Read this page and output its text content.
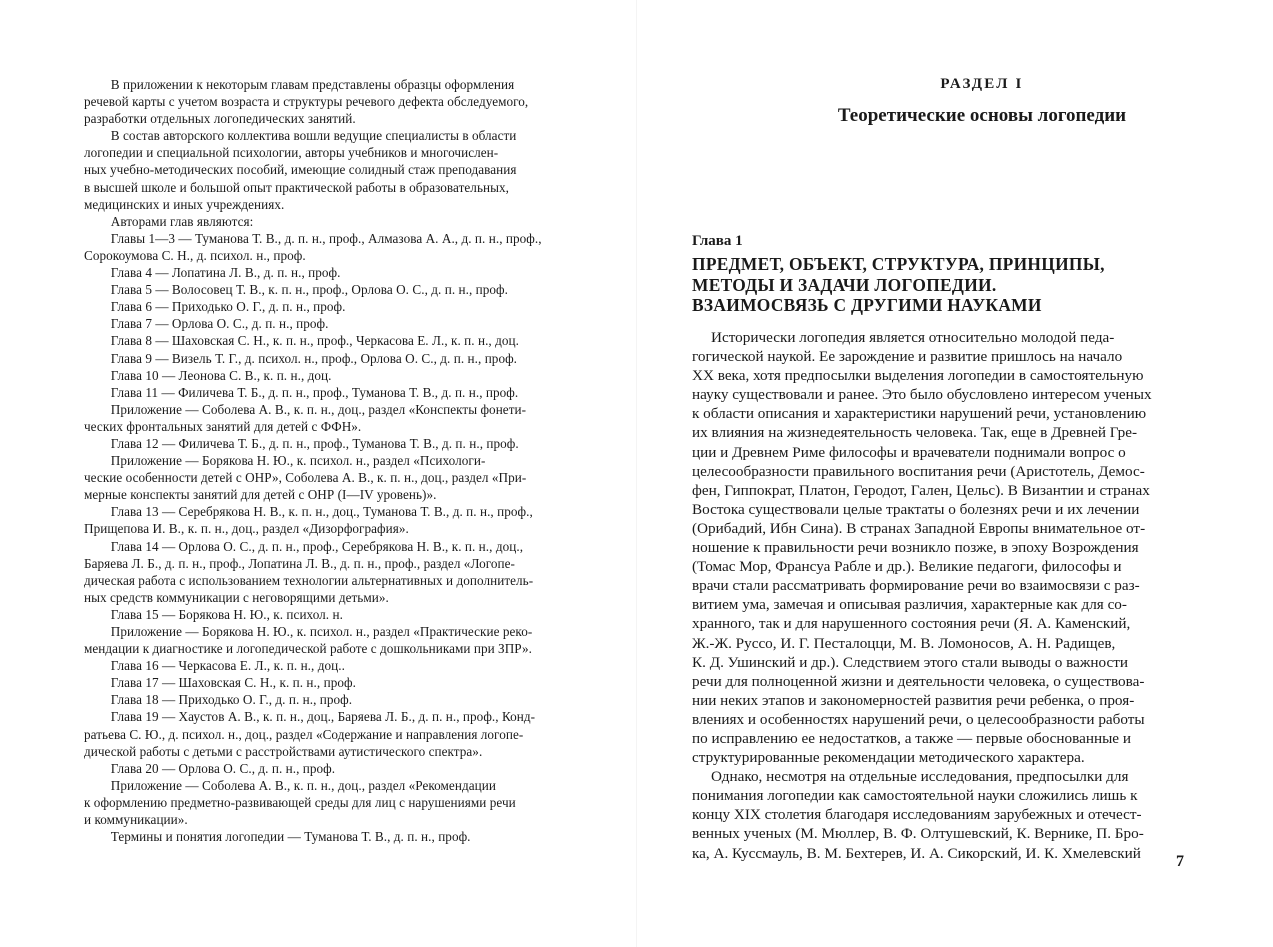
В приложении к некоторым главам представлены образцы оформления
речевой карты с учетом возраста и структуры речевого дефекта обследуемого,
разработки отдельных логопедических занятий.
В состав авторского коллектива вошли ведущие специалисты в области
логопедии и специальной психологии, авторы учебников и многочислен-
ных учебно-методических пособий, имеющие солидный стаж преподавания
в высшей школе и большой опыт практической работы в образовательных,
медицинских и иных учреждениях.
Авторами глав являются:
Главы 1—3 — Туманова Т. В., д. п. н., проф., Алмазова А. А., д. п. н., проф.,
Сорокоумова С. Н., д. психол. н., проф.
Глава 4 — Лопатина Л. В., д. п. н., проф.
Глава 5 — Волосовец Т. В., к. п. н., проф., Орлова О. С., д. п. н., проф.
Глава 6 — Приходько О. Г., д. п. н., проф.
Глава 7 — Орлова О. С., д. п. н., проф.
Глава 8 — Шаховская С. Н., к. п. н., проф., Черкасова Е. Л., к. п. н., доц.
Глава 9 — Визель Т. Г., д. психол. н., проф., Орлова О. С., д. п. н., проф.
Глава 10 — Леонова С. В., к. п. н., доц.
Глава 11 — Филичева Т. Б., д. п. н., проф., Туманова Т. В., д. п. н., проф.
Приложение — Соболева А. В., к. п. н., доц., раздел «Конспекты фонети-
ческих фронтальных занятий для детей с ФФН».
Глава 12 — Филичева Т. Б., д. п. н., проф., Туманова Т. В., д. п. н., проф.
Приложение — Борякова Н. Ю., к. психол. н., раздел «Психологи-
ческие особенности детей с ОНР», Соболева А. В., к. п. н., доц., раздел «При-
мерные конспекты занятий для детей с ОНР (I—IV уровень)».
Глава 13 — Серебрякова Н. В., к. п. н., доц., Туманова Т. В., д. п. н., проф.,
Прищепова И. В., к. п. н., доц., раздел «Дизорфография».
Глава 14 — Орлова О. С., д. п. н., проф., Серебрякова Н. В., к. п. н., доц.,
Баряева Л. Б., д. п. н., проф., Лопатина Л. В., д. п. н., проф., раздел «Логопе-
дическая работа с использованием технологии альтернативных и дополнитель-
ных средств коммуникации с неговорящими детьми».
Глава 15 — Борякова Н. Ю., к. психол. н.
Приложение — Борякова Н. Ю., к. психол. н., раздел «Практические реко-
мендации к диагностике и логопедической работе с дошкольниками при ЗПР».
Глава 16 — Черкасова Е. Л., к. п. н., доц..
Глава 17 — Шаховская С. Н., к. п. н., проф.
Глава 18 — Приходько О. Г., д. п. н., проф.
Глава 19 — Хаустов А. В., к. п. н., доц., Баряева Л. Б., д. п. н., проф., Конд-
ратьева С. Ю., д. психол. н., доц., раздел «Содержание и направления логопе-
дической работы с детьми с расстройствами аутистического спектра».
Глава 20 — Орлова О. С., д. п. н., проф.
Приложение — Соболева А. В., к. п. н., доц., раздел «Рекомендации
к оформлению предметно-развивающей среды для лиц с нарушениями речи
и коммуникации».
Термины и понятия логопедии — Туманова Т. В., д. п. н., проф.
РАЗДЕЛ I
Теоретические основы логопедии
Глава 1
ПРЕДМЕТ, ОБЪЕКТ, СТРУКТУРА, ПРИНЦИПЫ,
МЕТОДЫ И ЗАДАЧИ ЛОГОПЕДИИ.
ВЗАИМОСВЯЗЬ С ДРУГИМИ НАУКАМИ
Исторически логопедия является относительно молодой педа-
гогической наукой. Ее зарождение и развитие пришлось на начало
XX века, хотя предпосылки выделения логопедии в самостоятельную
науку существовали и ранее. Это было обусловлено интересом ученых
к области описания и характеристики нарушений речи, установлению
их влияния на жизнедеятельность человека. Так, еще в Древней Гре-
ции и Древнем Риме философы и врачеватели поднимали вопрос о
целесообразности правильного воспитания речи (Аристотель, Демос-
фен, Гиппократ, Платон, Геродот, Гален, Цельс). В Византии и странах
Востока существовали целые трактаты о болезнях речи и их лечении
(Орибадий, Ибн Сина). В странах Западной Европы внимательное от-
ношение к правильности речи возникло позже, в эпоху Возрождения
(Томас Мор, Франсуа Рабле и др.). Великие педагоги, философы и
врачи стали рассматривать формирование речи во взаимосвязи с раз-
витием ума, замечая и описывая различия, характерные как для со-
хранного, так и для нарушенного состояния речи (Я. А. Каменский,
Ж.-Ж. Руссо, И. Г. Песталоцци, М. В. Ломоносов, А. Н. Радищев,
К. Д. Ушинский и др.). Следствием этого стали выводы о важности
речи для полноценной жизни и деятельности человека, о существова-
нии неких этапов и закономерностей развития речи ребенка, о проя-
влениях и особенностях нарушений речи, о целесообразности работы
по исправлению ее недостатков, а также — первые обоснованные и
структурированные рекомендации методического характера.
Однако, несмотря на отдельные исследования, предпосылки для
понимания логопедии как самостоятельной науки сложились лишь к
концу XIX столетия благодаря исследованиям зарубежных и отечест-
венных ученых (М. Мюллер, В. Ф. Олтушевский, К. Вернике, П. Бро-
ка, А. Куссмауль, В. М. Бехтерев, И. А. Сикорский, И. К. Хмелевский	7
